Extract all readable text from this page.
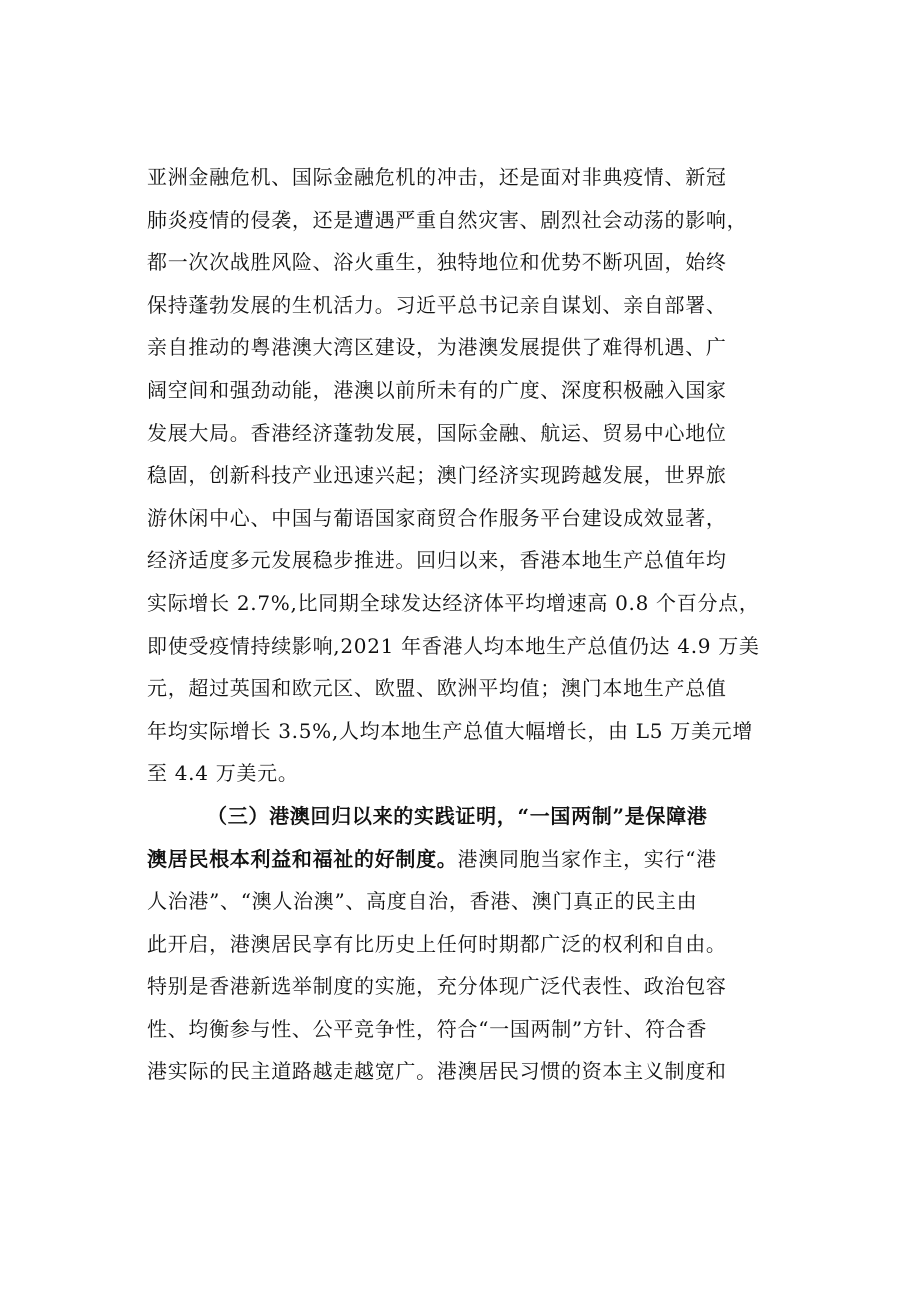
亚洲金融危机、国际金融危机的冲击，还是面对非典疫情、新冠
肺炎疫情的侵袭，还是遭遇严重自然灾害、剧烈社会动荡的影响，
都一次次战胜风险、浴火重生，独特地位和优势不断巩固，始终
保持蓬勃发展的生机活力。习近平总书记亲自谋划、亲自部署、
亲自推动的粤港澳大湾区建设，为港澳发展提供了难得机遇、广
阔空间和强劲动能，港澳以前所未有的广度、深度积极融入国家
发展大局。香港经济蓬勃发展，国际金融、航运、贸易中心地位
稳固，创新科技产业迅速兴起；澳门经济实现跨越发展，世界旅
游休闲中心、中国与葡语国家商贸合作服务平台建设成效显著，
经济适度多元发展稳步推进。回归以来，香港本地生产总值年均
实际增长 2.7%,比同期全球发达经济体平均增速高 0.8 个百分点，
即使受疫情持续影响,2021 年香港人均本地生产总值仍达 4.9 万美
元，超过英国和欧元区、欧盟、欧洲平均值；澳门本地生产总值
年均实际增长 3.5%,人均本地生产总值大幅增长，由 L5 万美元增
至 4.4 万美元。
（三）港澳回归以来的实践证明，“一国两制”是保障港
澳居民根本利益和福祉的好制度。港澳同胞当家作主，实行“港
人治港”、“澳人治澳”、高度自治，香港、澳门真正的民主由
此开启，港澳居民享有比历史上任何时期都广泛的权利和自由。
特别是香港新选举制度的实施，充分体现广泛代表性、政治包容
性、均衡参与性、公平竞争性，符合“一国两制”方针、符合香
港实际的民主道路越走越宽广。港澳居民习惯的资本主义制度和
